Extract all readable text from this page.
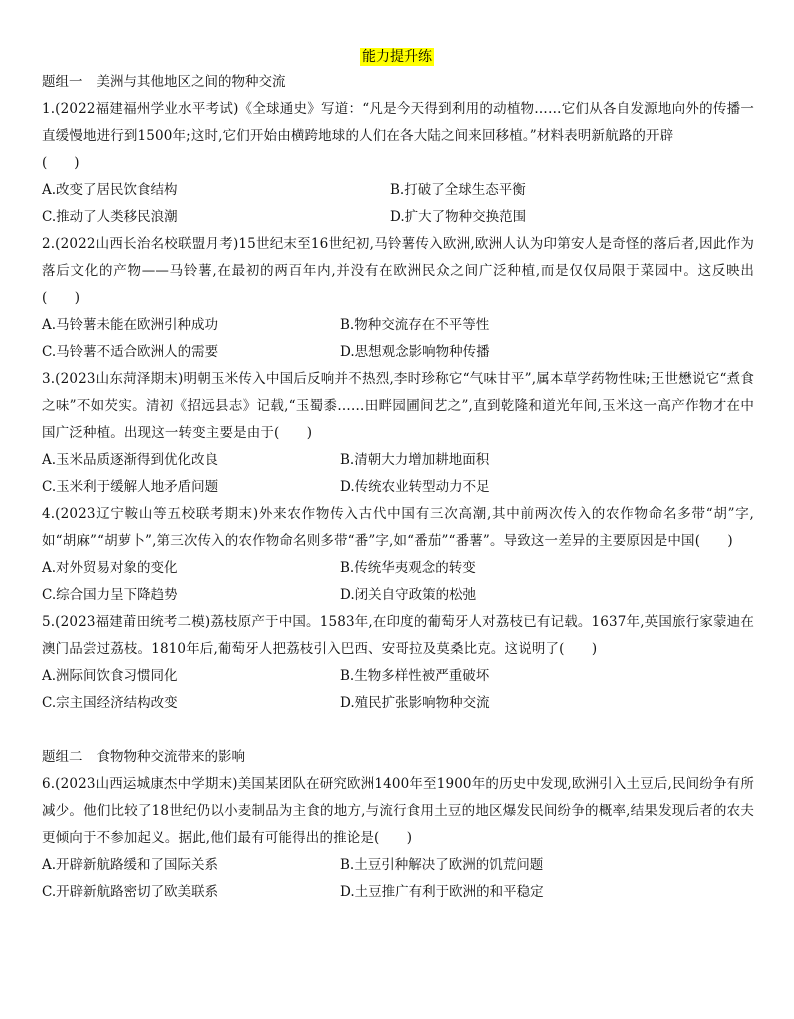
能力提升练

题组一 美洲与其他地区之间的物种交流

1.(2022福建福州学业水平考试)《全球通史》写道：“凡是今天得到利用的动植物……它们从各自发源地向外的传播一直缓慢地进行到1500年;这时,它们开始由横跨地球的人们在各大陆之间来回移植。”材料表明新航路的开辟

(　　)

A.改变了居民饮食结构	B.打破了全球生态平衡
C.推动了人类移民浪潮	D.扩大了物种交换范围

2.(2022山西长治名校联盟月考)15世纪末至16世纪初,马铃薯传入欧洲,欧洲人认为印第安人是奇怪的落后者,因此作为落后文化的产物——马铃薯,在最初的两百年内,并没有在欧洲民众之间广泛种植,而是仅仅局限于菜园中。这反映出(　　)

A.马铃薯未能在欧洲引种成功	B.物种交流存在不平等性
C.马铃薯不适合欧洲人的需要	D.思想观念影响物种传播

3.(2023山东菏泽期末)明朝玉米传入中国后反响并不热烈,李时珍称它“气味甘平”,属本草学药物性味;王世懋说它“煮食之味”不如芡实。清初《招远县志》记载,“玉蜀黍……田畔园圃间艺之”,直到乾隆和道光年间,玉米这一高产作物才在中国广泛种植。出现这一转变主要是由于(　　)

A.玉米品质逐渐得到优化改良	B.清朝大力增加耕地面积
C.玉米利于缓解人地矛盾问题	D.传统农业转型动力不足

4.(2023辽宁鞍山等五校联考期末)外来农作物传入古代中国有三次高潮,其中前两次传入的农作物命名多带“胡”字,如“胡麻”“胡萝卜”,第三次传入的农作物命名则多带“番”字,如“番茄”“番薯”。导致这一差异的主要原因是中国(　　)

A.对外贸易对象的变化	B.传统华夷观念的转变
C.综合国力呈下降趋势	D.闭关自守政策的松弛

5.(2023福建莆田统考二模)荔枝原产于中国。1583年,在印度的葡萄牙人对荔枝已有记载。1637年,英国旅行家蒙迪在澳门品尝过荔枝。1810年后,葡萄牙人把荔枝引入巴西、安哥拉及莫桑比克。这说明了(　　)

A.洲际间饮食习惯同化	B.生物多样性被严重破坏
C.宗主国经济结构改变	D.殖民扩张影响物种交流

题组二 食物物种交流带来的影响

6.(2023山西运城康杰中学期末)美国某团队在研究欧洲1400年至1900年的历史中发现,欧洲引入土豆后,民间纷争有所减少。他们比较了18世纪仍以小麦制品为主食的地方,与流行食用土豆的地区爆发民间纷争的概率,结果发现后者的农夫更倾向于不参加起义。据此,他们最有可能得出的推论是(　　)

A.开辟新航路缓和了国际关系	B.土豆引种解决了欧洲的饥荒问题
C.开辟新航路密切了欧美联系	D.土豆推广有利于欧洲的和平稳定
